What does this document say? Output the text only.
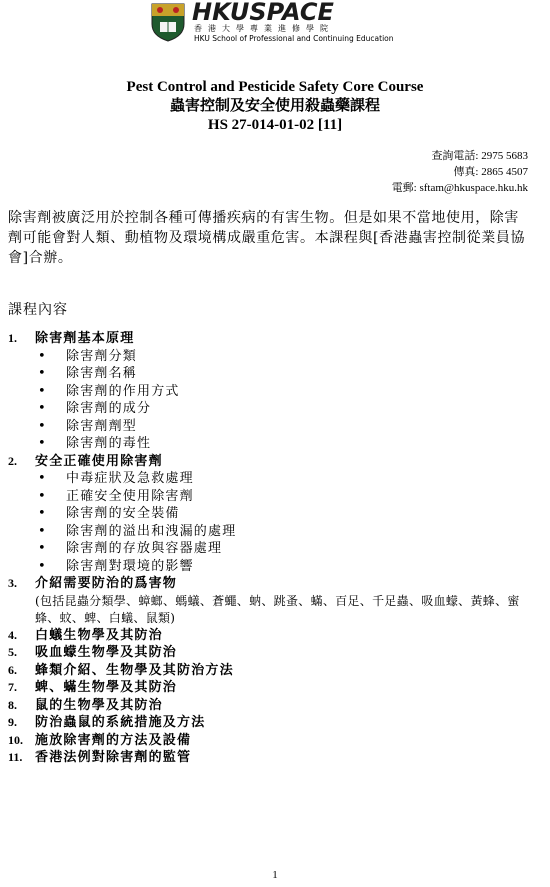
HKUSPACE
香港大學專業進修學院
HKU School of Professional and Continuing Education
Pest Control and Pesticide Safety Core Course
蟲害控制及安全使用殺蟲藥課程
HS 27-014-01-02 [11]
查詢電話: 2975 5683
傳真: 2865 4507
電郵: sftam@hkuspace.hku.hk
除害劑被廣泛用於控制各種可傳播疾病的有害生物。但是如果不當地使用，除害劑可能會對人類、動植物及環境構成嚴重危害。本課程與[香港蟲害控制從業員協會]合辦。
課程內容
1.	除害劑基本原理
•	除害劑分類
•	除害劑名稱
•	除害劑的作用方式
•	除害劑的成分
•	除害劑劑型
•	除害劑的毒性
2.	安全正確使用除害劑
•	中毒症狀及急救處理
•	正確安全使用除害劑
•	除害劑的安全裝備
•	除害劑的溢出和洩漏的處理
•	除害劑的存放與容器處理
•	除害劑對環境的影響
3.	介紹需要防治的爲害物
(包括昆蟲分類學、蟑螂、螞蟻、蒼蠅、蚋、跳蚤、蟎、百足、千足蟲、吸血蠓、黃蜂、蜜蜂、蚊、蜱、白蟻、鼠類)
4.	白蟻生物學及其防治
5.	吸血蠓生物學及其防治
6.	蜂類介紹、生物學及其防治方法
7.	蜱、蟎生物學及其防治
8.	鼠的生物學及其防治
9.	防治蟲鼠的系統措施及方法
10. 施放除害劑的方法及設備
11. 香港法例對除害劑的監管
1
